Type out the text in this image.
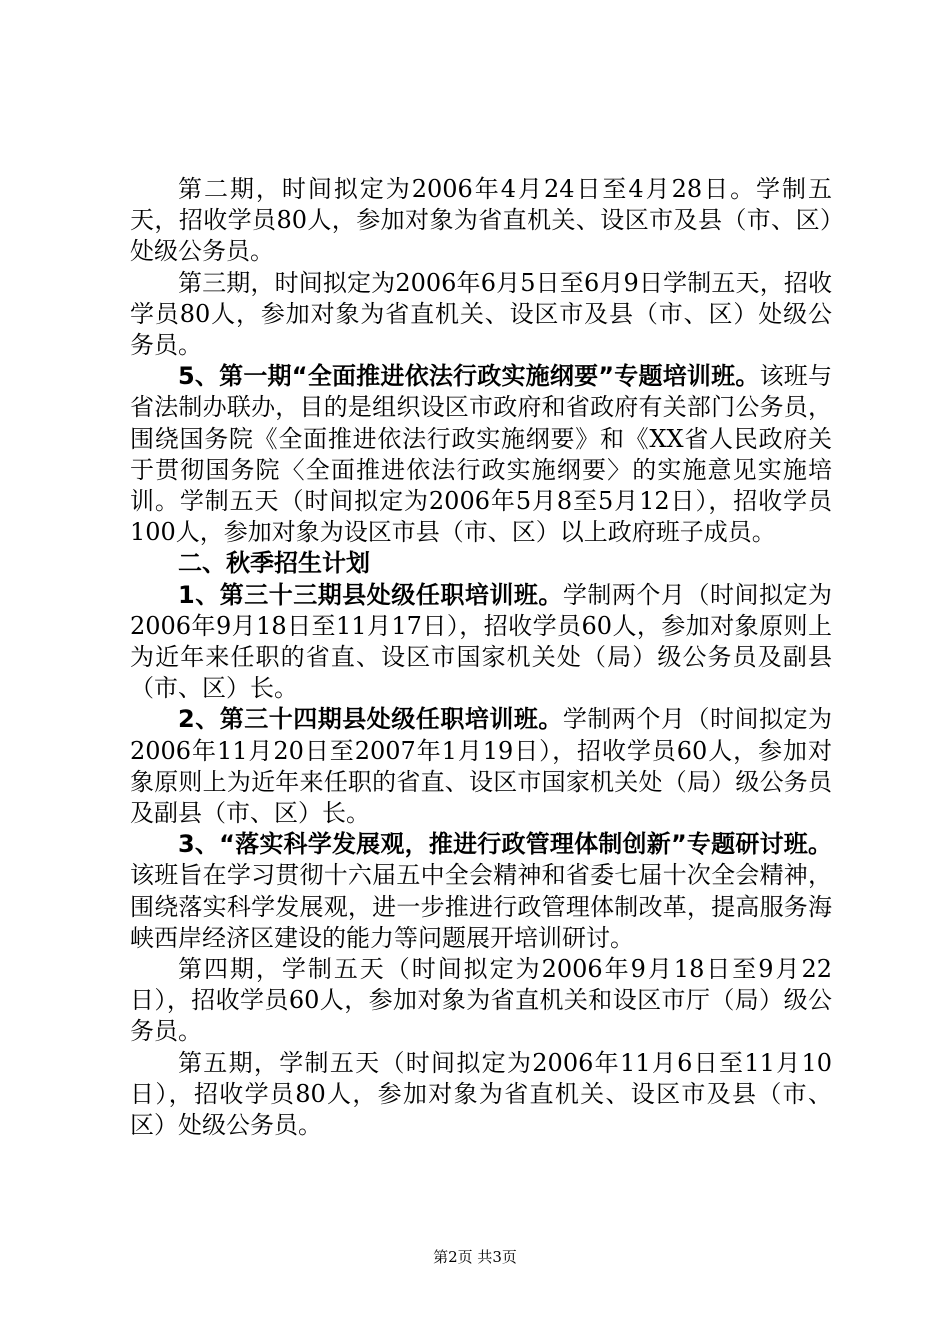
第二期，时间拟定为2006年4月24日至4月28日。学制五天，招收学员80人，参加对象为省直机关、设区市及县（市、区）处级公务员。

第三期，时间拟定为2006年6月5日至6月9日学制五天，招收学员80人，参加对象为省直机关、设区市及县（市、区）处级公务员。

5、第一期“全面推进依法行政实施纲要”专题培训班。该班与省法制办联办，目的是组织设区市政府和省政府有关部门公务员，围绕国务院《全面推进依法行政实施纲要》和《XX省人民政府关于贯彻国务院〈全面推进依法行政实施纲要〉的实施意见实施培训。学制五天（时间拟定为2006年5月8至5月12日），招收学员100人，参加对象为设区市县（市、区）以上政府班子成员。

二、秋季招生计划

1、第三十三期县处级任职培训班。学制两个月（时间拟定为2006年9月18日至11月17日），招收学员60人，参加对象原则上为近年来任职的省直、设区市国家机关处（局）级公务员及副县（市、区）长。

2、第三十四期县处级任职培训班。学制两个月（时间拟定为2006年11月20日至2007年1月19日），招收学员60人，参加对象原则上为近年来任职的省直、设区市国家机关处（局）级公务员及副县（市、区）长。

3、“落实科学发展观，推进行政管理体制创新”专题研讨班。该班旨在学习贯彻十六届五中全会精神和省委七届十次全会精神，围绕落实科学发展观，进一步推进行政管理体制改革，提高服务海峡西岸经济区建设的能力等问题展开培训研讨。

第四期，学制五天（时间拟定为2006年9月18日至9月22日），招收学员60人，参加对象为省直机关和设区市厅（局）级公务员。

第五期，学制五天（时间拟定为2006年11月6日至11月10日），招收学员80人，参加对象为省直机关、设区市及县（市、区）处级公务员。

第2页 共3页
